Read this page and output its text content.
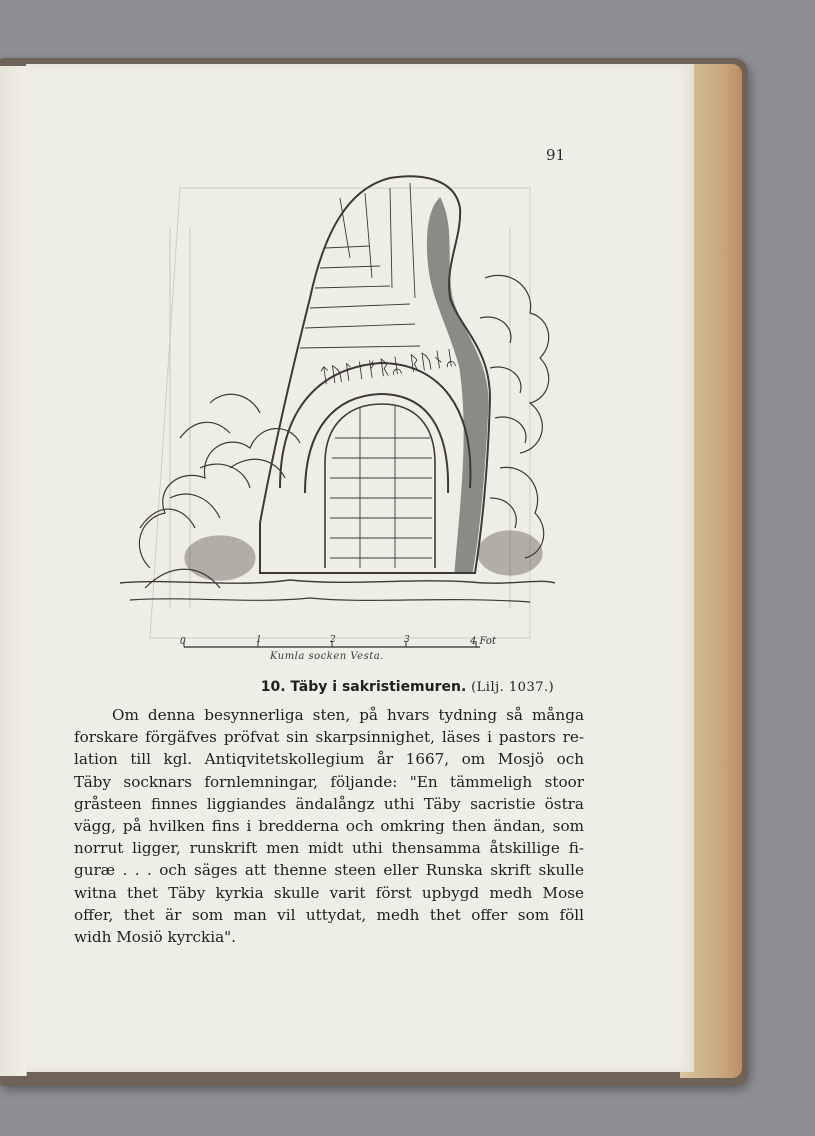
91
ᛏᚢᛚᛁᚠᚱᛦ ᚱᚢᚾᛦ
0	1	2	3	4 Fot
Kumla socken Vesta.
10. Täby i sakristiemuren. (Lilj. 1037.)
Om denna besynnerliga sten, på hvars tydning så många
forskare förgäfves pröfvat sin skarpsinnighet, läses i pastors re-
lation till kgl. Antiqvitetskollegium år 1667, om Mosjö och
Täby socknars fornlemningar, följande: "En tämmeligh stoor
gråsteen finnes liggiandes ändalångz uthi Täby sacristie östra
vägg, på hvilken fins i bredderna och omkring then ändan, som
norrut ligger, runskrift men midt uthi thensamma åtskillige fi-
guræ . . . och säges att thenne steen eller Runska skrift skulle
witna thet Täby kyrkia skulle varit först upbygd medh Mose
offer, thet är som man vil uttydat, medh thet offer som föll
widh Mosiö kyrckia".
